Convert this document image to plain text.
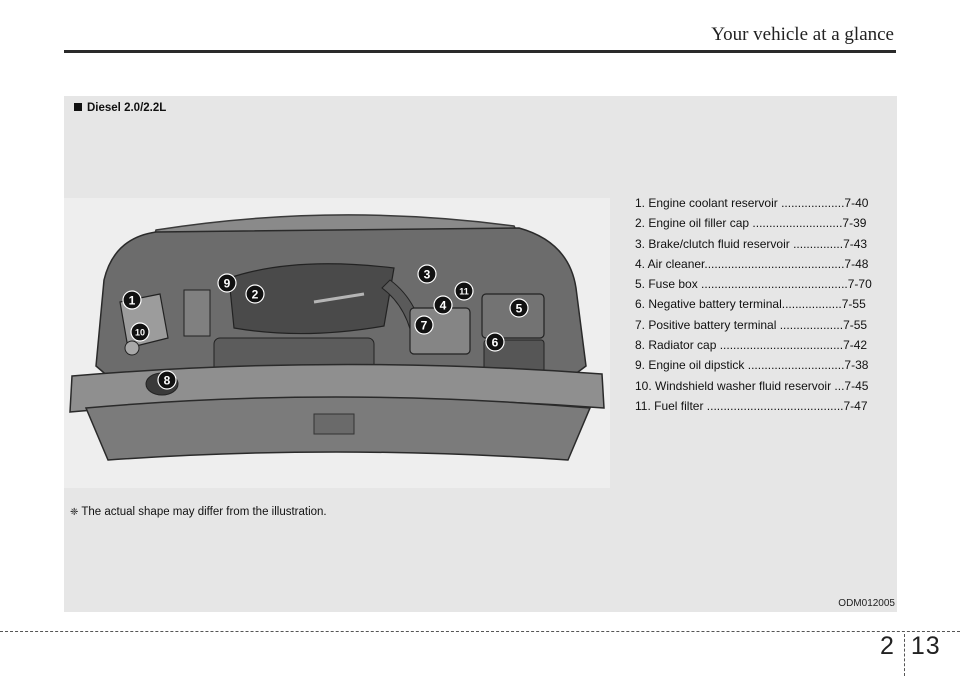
Your vehicle at a glance
Diesel 2.0/2.2L
1	2
3
4	5
6
7
8
9
10
11
1. Engine coolant reservoir ...................7-40
2. Engine oil filler cap ...........................7-39
3. Brake/clutch fluid reservoir ...............7-43
4. Air cleaner..........................................7-48
5. Fuse box ............................................7-70
6. Negative battery terminal..................7-55
7. Positive battery terminal ...................7-55
8. Radiator cap .....................................7-42
9. Engine oil dipstick .............................7-38
10. Windshield washer fluid reservoir ...7-45
11. Fuel filter .........................................7-47
❈ The actual shape may differ from the illustration.
ODM012005
2 13
